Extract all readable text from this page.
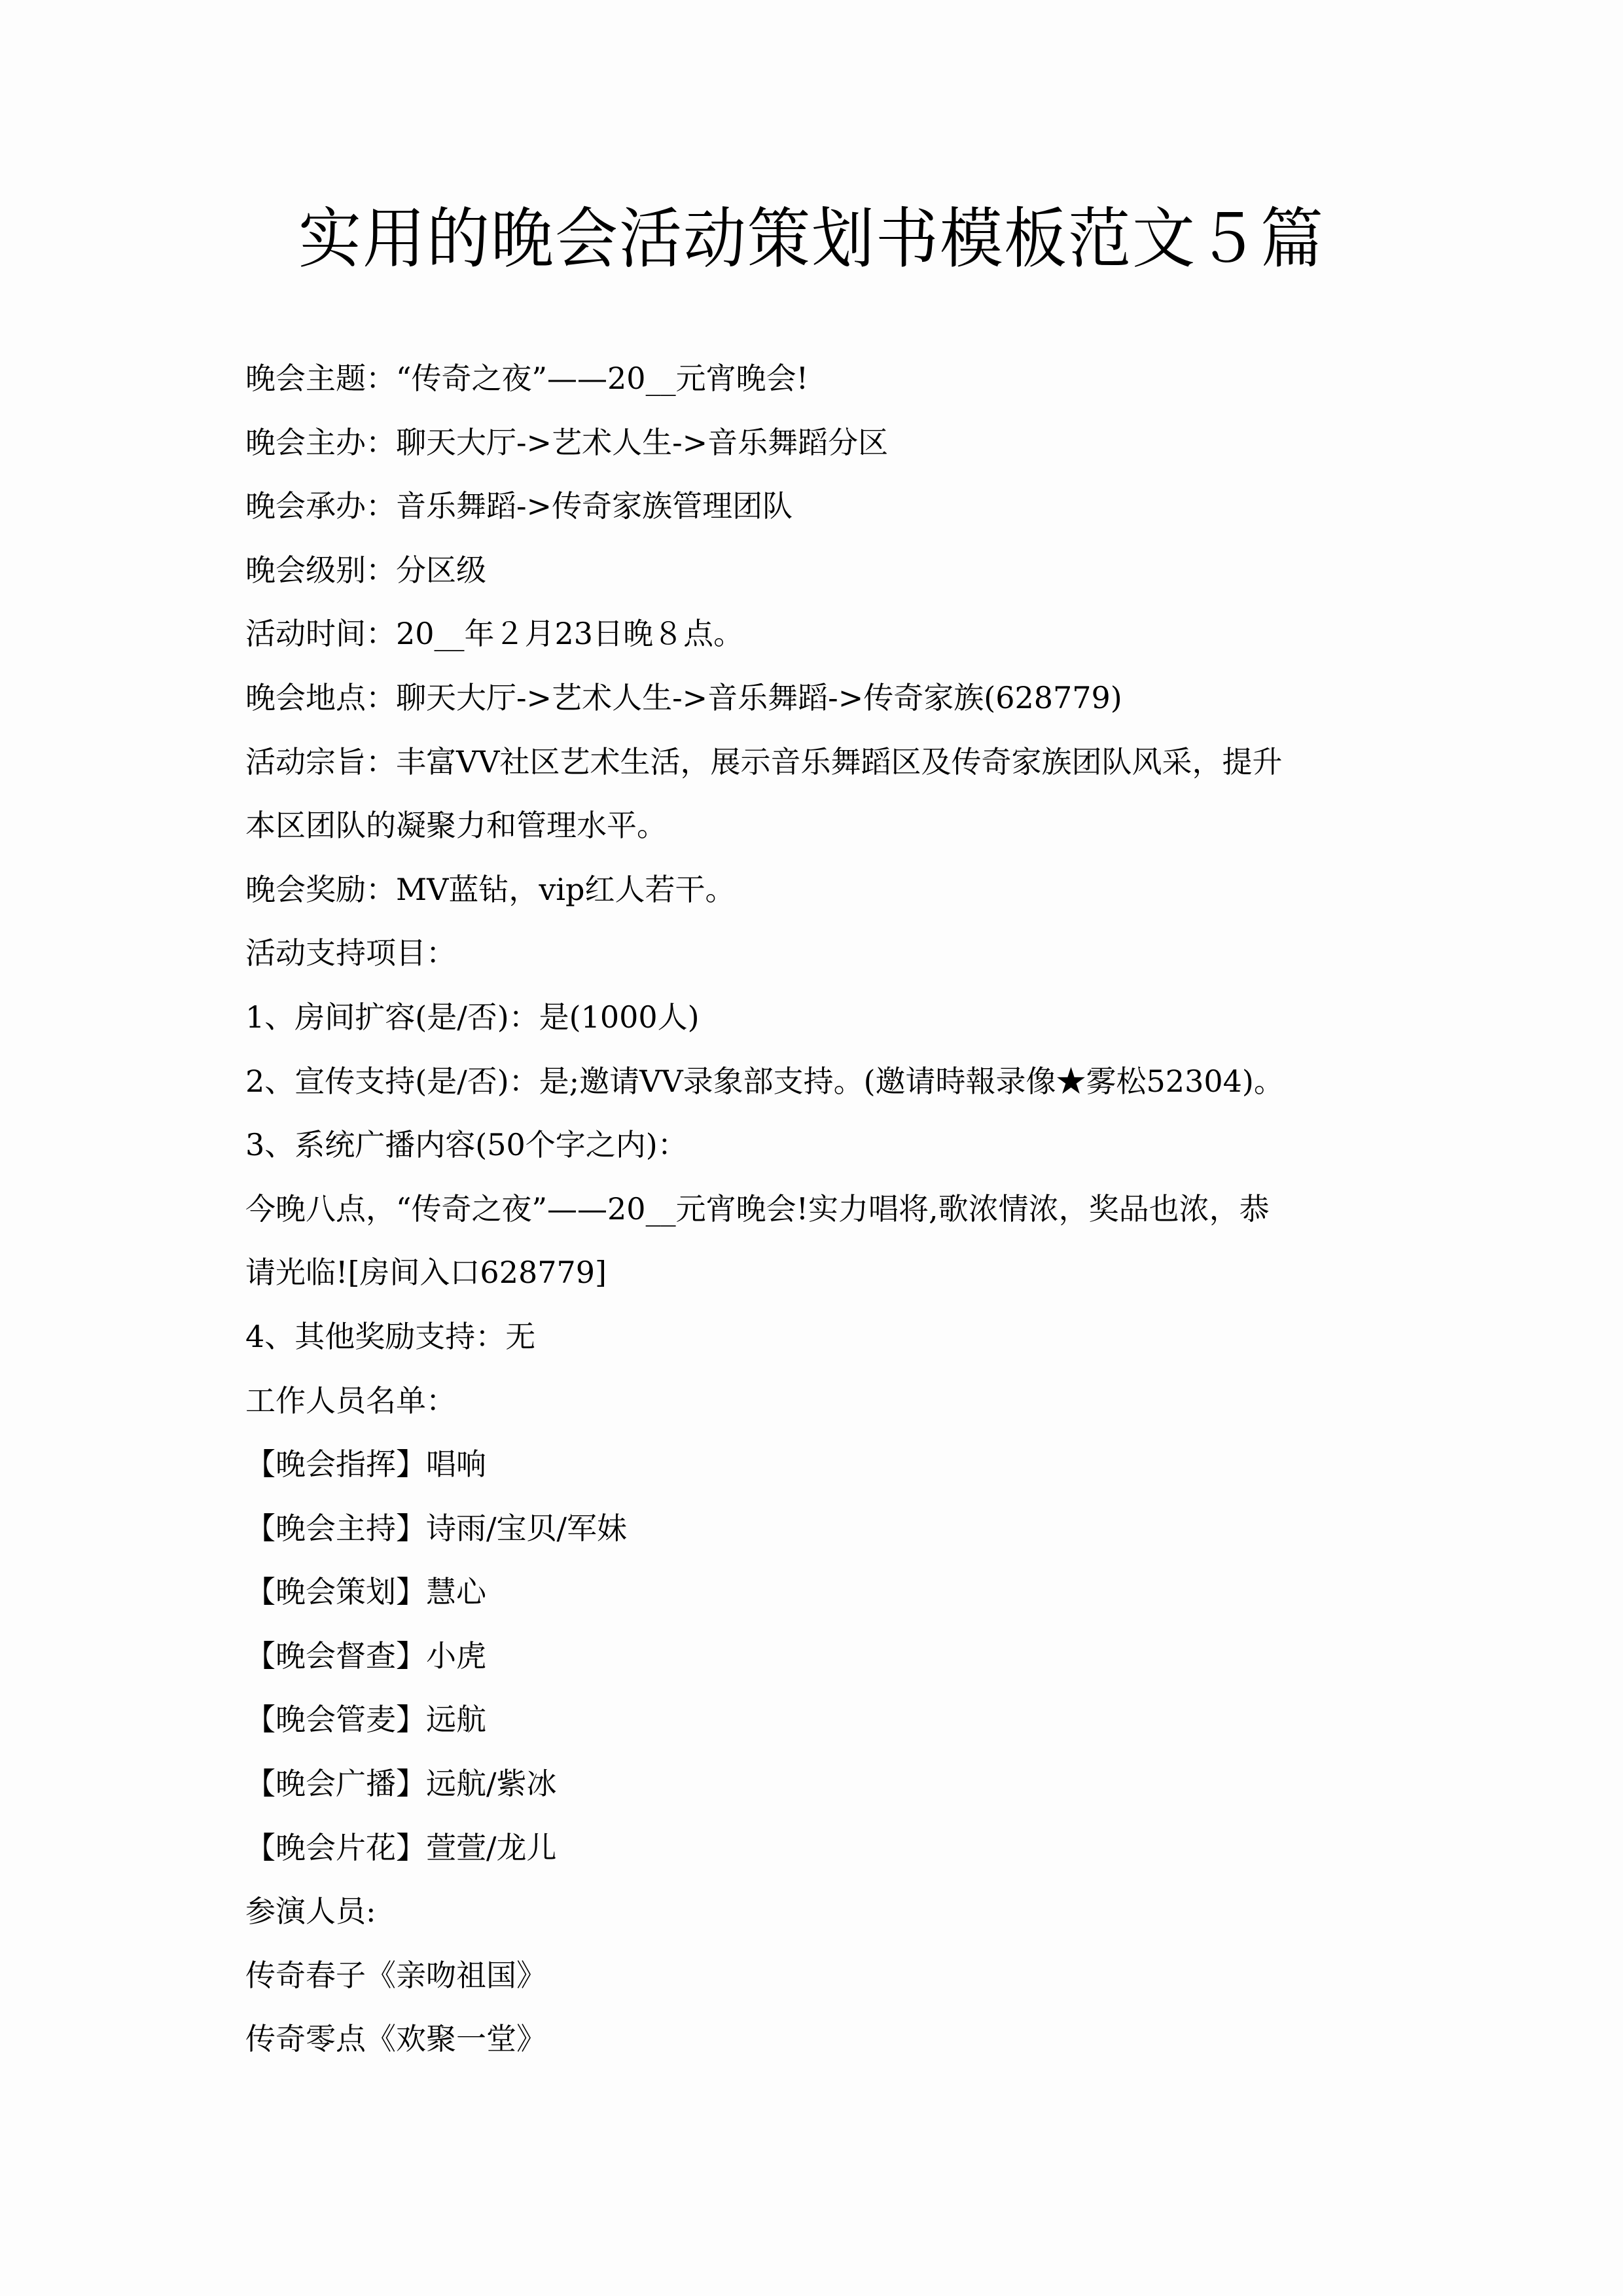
实用的晚会活动策划书模板范文５篇
晚会主题：“传奇之夜”——20__元宵晚会!
晚会主办：聊天大厅->艺术人生->音乐舞蹈分区
晚会承办：音乐舞蹈->传奇家族管理团队
晚会级别：分区级
活动时间：20__年２月23日晚８点。
晚会地点：聊天大厅->艺术人生->音乐舞蹈->传奇家族(628779)
活动宗旨：丰富VV社区艺术生活，展示音乐舞蹈区及传奇家族团队风采，提升
本区团队的凝聚力和管理水平。
晚会奖励：MV蓝钻，vip红人若干。
活动支持项目：
1、房间扩容(是/否)：是(1000人)
2、宣传支持(是/否)：是;邀请VV录象部支持。(邀请時報录像★雾松52304)。
3、系统广播内容(50个字之内)：
今晚八点，“传奇之夜”——20__元宵晚会!实力唱将,歌浓情浓，奖品也浓，恭
请光临![房间入口628779]
4、其他奖励支持：无
工作人员名单：
【晚会指挥】唱响
【晚会主持】诗雨/宝贝/军妹
【晚会策划】慧心
【晚会督查】小虎
【晚会管麦】远航
【晚会广播】远航/紫冰
【晚会片花】萱萱/龙儿
参演人员:
传奇春子《亲吻祖国》
传奇零点《欢聚一堂》
